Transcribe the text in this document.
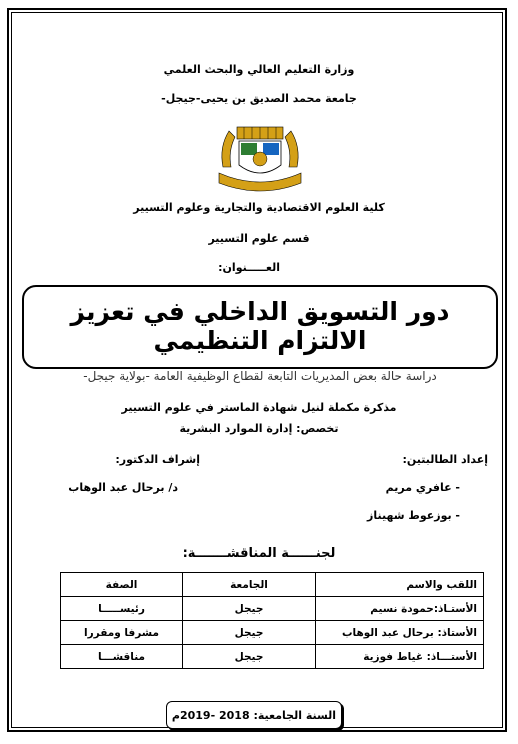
وزارة التعليم العالي والبحث العلمي
جامعة محمد الصديق بن يحيى-جيجل-
كلية العلوم الاقتصادية والتجارية وعلوم التسيير
قسم علوم التسيير
العـــــنوان:
دور التسويق الداخلي في تعزيز الالتزام التنظيمي
دراسة حالة بعض المديريات التابعة لقطاع الوظيفية العامة -بولاية جيجل-
مذكرة مكملة لنيل شهادة الماستر في علوم التسيير
تخصص: إدارة الموارد البشرية
إعداد الطالبتين:
إشراف الدكتور:
- عافري مريم
د/ برحال عبد الوهاب
- بوزعوط شهيناز
لجنــــــة المناقشـــــــة:
اللقب والاسم	الجامعة	الصفة
الأستـاذ:حمودة نسيم	جيجل	رئيســـــا
الأستاذ: برحال عبد الوهاب	جيجل	مشرفا ومقررا
الأستـــاذ: غياط فوزية	جيجل	مناقشـــا
السنة الجامعية: 2018 -2019م
